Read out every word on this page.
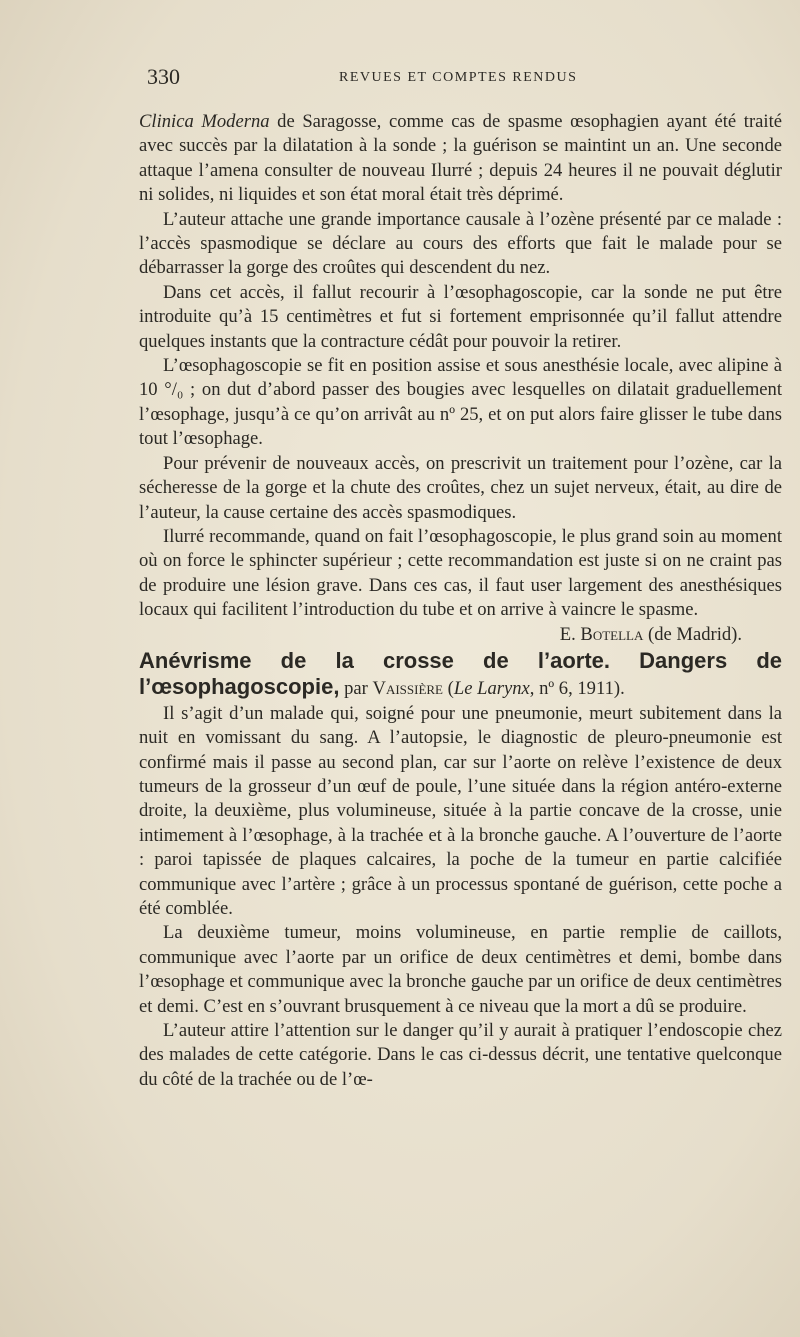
330	REVUES ET COMPTES RENDUS

Clinica Moderna de Saragosse, comme cas de spasme œsophagien ayant été traité avec succès par la dilatation à la sonde ; la guérison se maintint un an. Une seconde attaque l’amena consulter de nouveau Ilurré ; depuis 24 heures il ne pouvait déglutir ni solides, ni liquides et son état moral était très déprimé.

L’auteur attache une grande importance causale à l’ozène présenté par ce malade : l’accès spasmodique se déclare au cours des efforts que fait le malade pour se débarrasser la gorge des croûtes qui descendent du nez.

Dans cet accès, il fallut recourir à l’œsophagoscopie, car la sonde ne put être introduite qu’à 15 centimètres et fut si fortement emprisonnée qu’il fallut attendre quelques instants que la contracture cédât pour pouvoir la retirer.

L’œsophagoscopie se fit en position assise et sous anesthésie locale, avec alipine à 10 °/₀ ; on dut d’abord passer des bougies avec lesquelles on dilatait graduellement l’œsophage, jusqu’à ce qu’on arrivât au nº 25, et on put alors faire glisser le tube dans tout l’œsophage.

Pour prévenir de nouveaux accès, on prescrivit un traitement pour l’ozène, car la sécheresse de la gorge et la chute des croûtes, chez un sujet nerveux, était, au dire de l’auteur, la cause certaine des accès spasmodiques.

Ilurré recommande, quand on fait l’œsophagoscopie, le plus grand soin au moment où on force le sphincter supérieur ; cette recommandation est juste si on ne craint pas de produire une lésion grave. Dans ces cas, il faut user largement des anesthésiques locaux qui facilitent l’introduction du tube et on arrive à vaincre le spasme.

E. Botella (de Madrid).

Anévrisme de la crosse de l’aorte. Dangers de l’œsophagoscopie, par Vaissière (Le Larynx, nº 6, 1911).

Il s’agit d’un malade qui, soigné pour une pneumonie, meurt subitement dans la nuit en vomissant du sang. A l’autopsie, le diagnostic de pleuro-pneumonie est confirmé mais il passe au second plan, car sur l’aorte on relève l’existence de deux tumeurs de la grosseur d’un œuf de poule, l’une située dans la région antéro-externe droite, la deuxième, plus volumineuse, située à la partie concave de la crosse, unie intimement à l’œsophage, à la trachée et à la bronche gauche. A l’ouverture de l’aorte : paroi tapissée de plaques calcaires, la poche de la tumeur en partie calcifiée communique avec l’artère ; grâce à un processus spontané de guérison, cette poche a été comblée.

La deuxième tumeur, moins volumineuse, en partie remplie de caillots, communique avec l’aorte par un orifice de deux centimètres et demi, bombe dans l’œsophage et communique avec la bronche gauche par un orifice de deux centimètres et demi. C’est en s’ouvrant brusquement à ce niveau que la mort a dû se produire.

L’auteur attire l’attention sur le danger qu’il y aurait à pratiquer l’endoscopie chez des malades de cette catégorie. Dans le cas ci-dessus décrit, une tentative quelconque du côté de la trachée ou de l’œ-
